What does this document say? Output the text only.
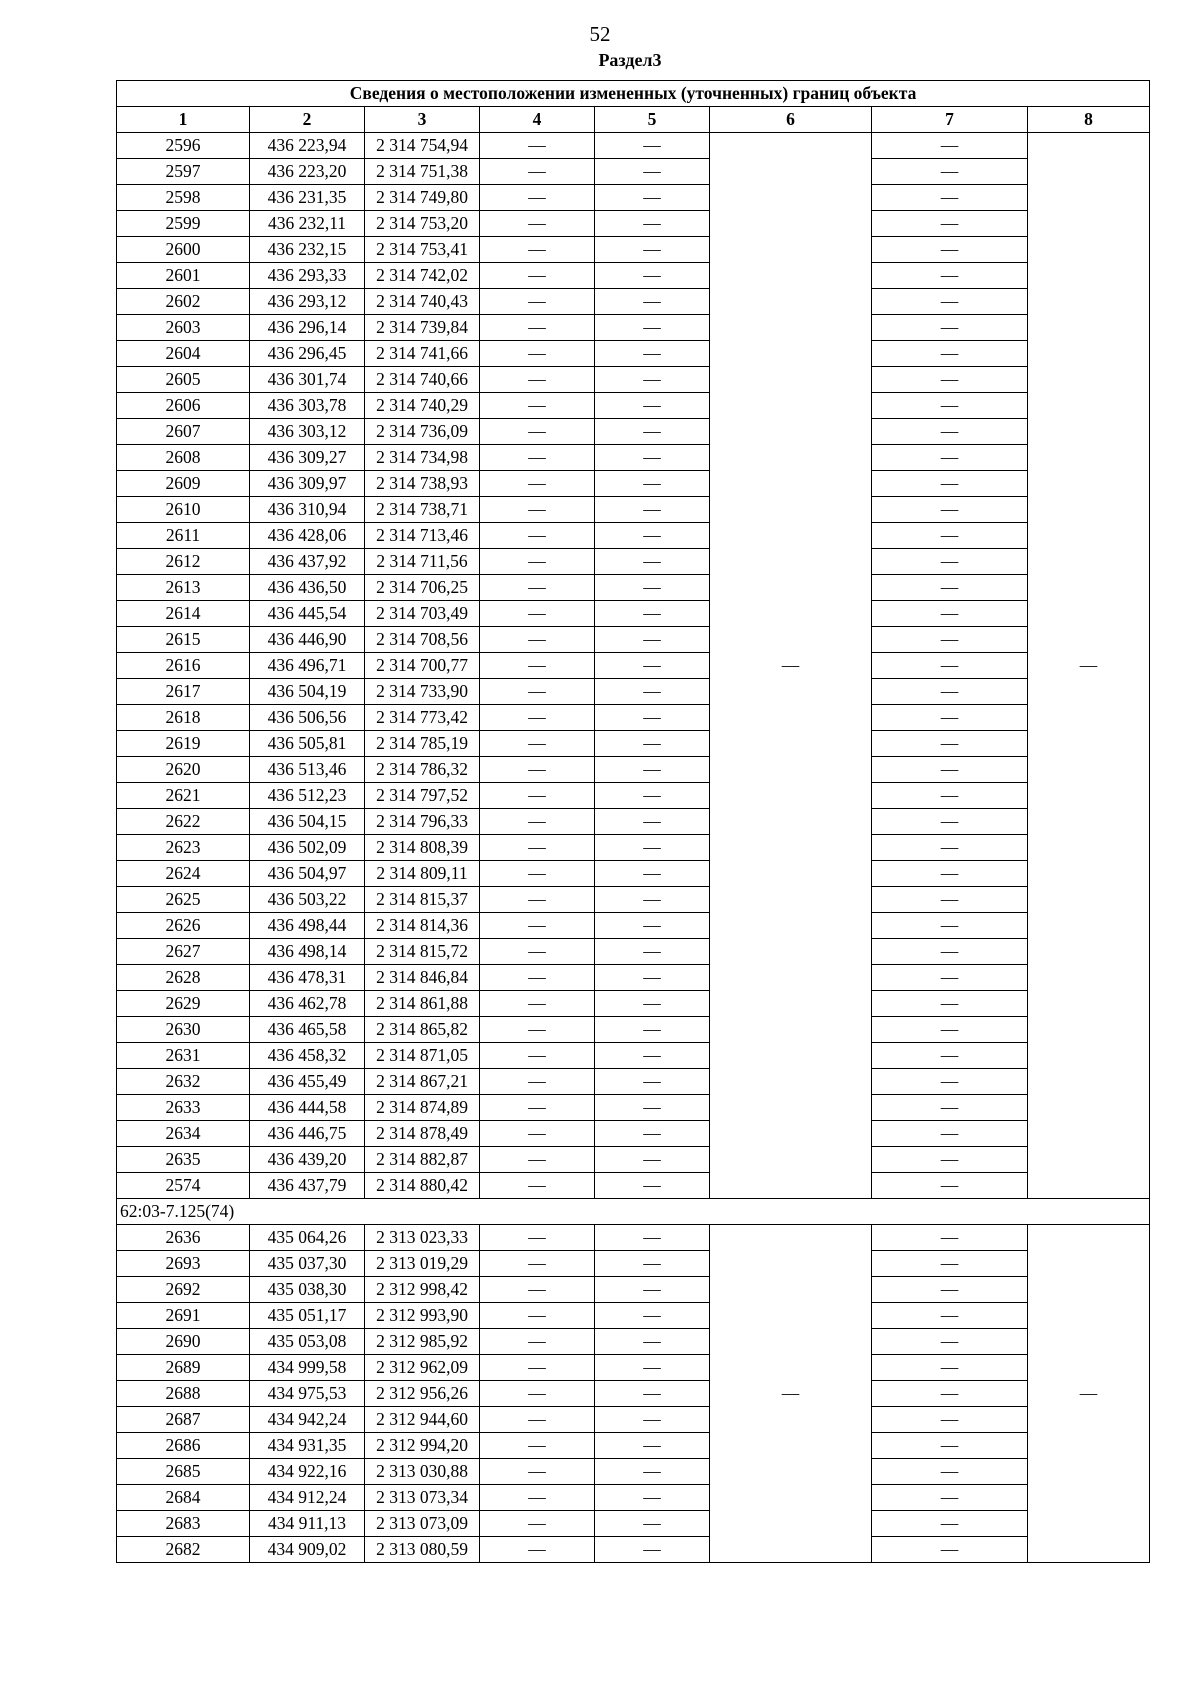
52
Раздел3
Сведения о местоположении измененных (уточненных) границ объекта							
1	2	3	4	5	6	7	8
2596	436 223,94	2 314 754,94	—	—	—	—	—
2597	436 223,20	2 314 751,38	—	—		—	
2598	436 231,35	2 314 749,80	—	—		—	
2599	436 232,11	2 314 753,20	—	—		—	
2600	436 232,15	2 314 753,41	—	—		—	
2601	436 293,33	2 314 742,02	—	—		—	
2602	436 293,12	2 314 740,43	—	—		—	
2603	436 296,14	2 314 739,84	—	—		—	
2604	436 296,45	2 314 741,66	—	—		—	
2605	436 301,74	2 314 740,66	—	—		—	
2606	436 303,78	2 314 740,29	—	—		—	
2607	436 303,12	2 314 736,09	—	—		—	
2608	436 309,27	2 314 734,98	—	—		—	
2609	436 309,97	2 314 738,93	—	—		—	
2610	436 310,94	2 314 738,71	—	—		—	
2611	436 428,06	2 314 713,46	—	—		—	
2612	436 437,92	2 314 711,56	—	—		—	
2613	436 436,50	2 314 706,25	—	—		—	
2614	436 445,54	2 314 703,49	—	—		—	
2615	436 446,90	2 314 708,56	—	—		—	
2616	436 496,71	2 314 700,77	—	—		—	
2617	436 504,19	2 314 733,90	—	—		—	
2618	436 506,56	2 314 773,42	—	—		—	
2619	436 505,81	2 314 785,19	—	—		—	
2620	436 513,46	2 314 786,32	—	—		—	
2621	436 512,23	2 314 797,52	—	—		—	
2622	436 504,15	2 314 796,33	—	—		—	
2623	436 502,09	2 314 808,39	—	—		—	
2624	436 504,97	2 314 809,11	—	—		—	
2625	436 503,22	2 314 815,37	—	—		—	
2626	436 498,44	2 314 814,36	—	—		—	
2627	436 498,14	2 314 815,72	—	—		—	
2628	436 478,31	2 314 846,84	—	—		—	
2629	436 462,78	2 314 861,88	—	—		—	
2630	436 465,58	2 314 865,82	—	—		—	
2631	436 458,32	2 314 871,05	—	—		—	
2632	436 455,49	2 314 867,21	—	—		—	
2633	436 444,58	2 314 874,89	—	—		—	
2634	436 446,75	2 314 878,49	—	—		—	
2635	436 439,20	2 314 882,87	—	—		—	
2574	436 437,79	2 314 880,42	—	—		—	
62:03-7.125(74)							
2636	435 064,26	2 313 023,33	—	—	—	—	—
2693	435 037,30	2 313 019,29	—	—		—	
2692	435 038,30	2 312 998,42	—	—		—	
2691	435 051,17	2 312 993,90	—	—		—	
2690	435 053,08	2 312 985,92	—	—		—	
2689	434 999,58	2 312 962,09	—	—		—	
2688	434 975,53	2 312 956,26	—	—		—	
2687	434 942,24	2 312 944,60	—	—		—	
2686	434 931,35	2 312 994,20	—	—		—	
2685	434 922,16	2 313 030,88	—	—		—	
2684	434 912,24	2 313 073,34	—	—		—	
2683	434 911,13	2 313 073,09	—	—		—	
2682	434 909,02	2 313 080,59	—	—		—	
